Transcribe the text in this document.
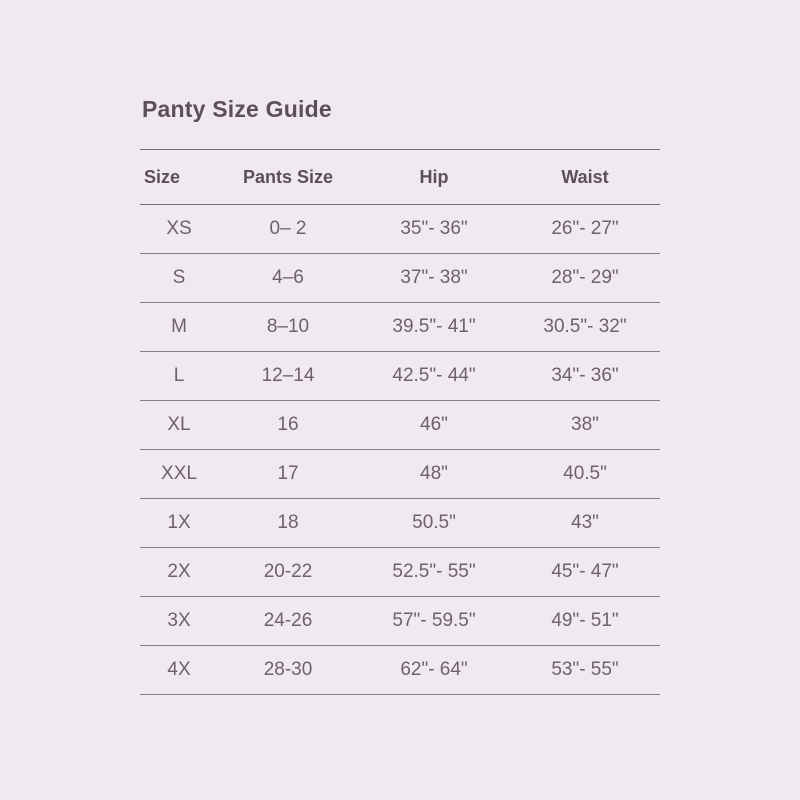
Panty Size Guide
Size	Pants Size	Hip	Waist
XS	0– 2	35"- 36"	26"- 27"
S	4–6	37"- 38"	28"- 29"
M	8–10	39.5"- 41"	30.5"- 32"
L	12–14	42.5"- 44"	34"- 36"
XL	16	46"	38"
XXL	17	48"	40.5"
1X	18	50.5"	43"
2X	20-22	52.5"- 55"	45"- 47"
3X	24-26	57"- 59.5"	49"- 51"
4X	28-30	62"- 64"	53"- 55"
